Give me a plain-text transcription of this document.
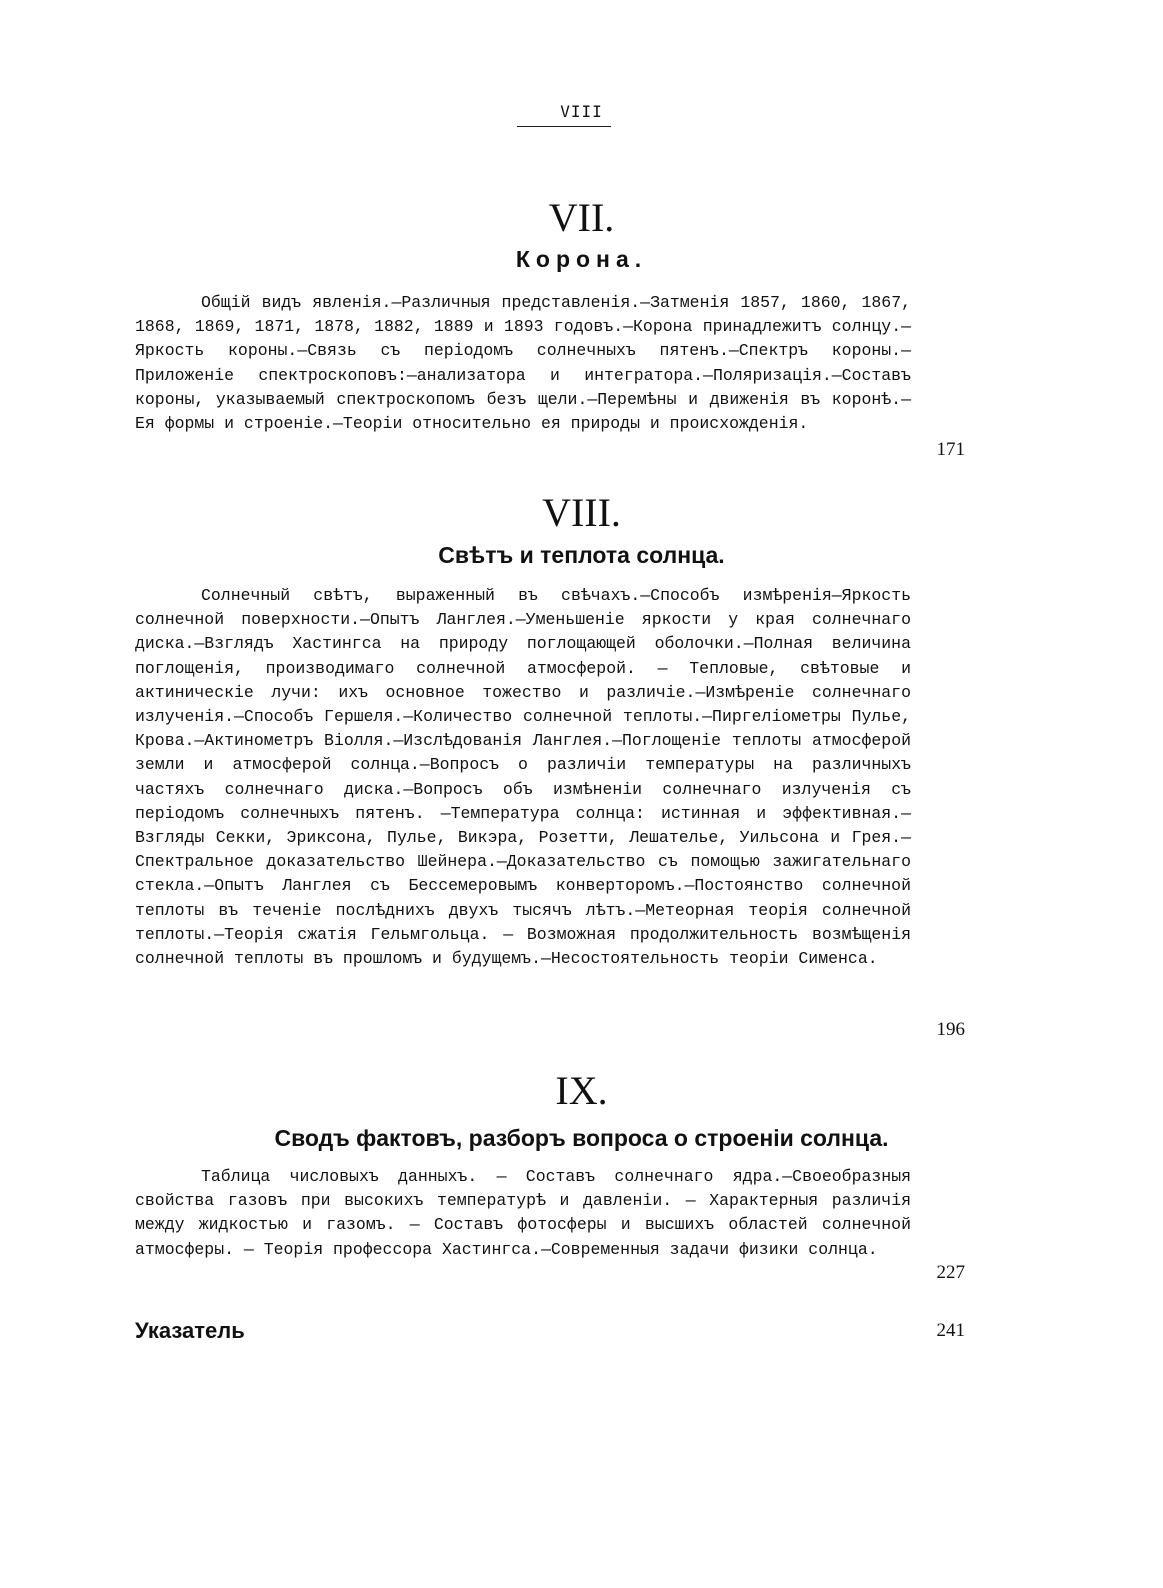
VIII
VII.
Корона.

Общій видъ явленія.—Различныя представленія.—Затменія 1857, 1860, 1867, 1868, 1869, 1871, 1878, 1882, 1889 и 1893 годовъ.—Корона принадлежитъ солнцу.—Яркость короны.—Связь съ періодомъ солнечныхъ пятенъ.—Спектръ короны.—Приложеніе спектроскоповъ:—анализатора и интегратора.—Поляризація.—Составъ короны, указываемый спектроскопомъ безъ щели.—Перемѣны и движенія въ коронѣ.—Ея формы и строеніе.—Теоріи относительно ея природы и происхожденія.

171
VIII.
Свѣтъ и теплота солнца.

Солнечный свѣтъ, выраженный въ свѣчахъ.—Способъ измѣренія—Яркость солнечной поверхности.—Опытъ Ланглея.—Уменьшеніе яркости у края солнечнаго диска.—Взглядъ Хастингса на природу поглощающей оболочки.—Полная величина поглощенія, производимаго солнечной атмосферой. — Тепловые, свѣтовые и актиническіе лучи: ихъ основное тожество и различіе.—Измѣреніе солнечнаго излученія.—Способъ Гершеля.—Количество солнечной теплоты.—Пиргеліометры Пулье, Крова.—Актинометръ Віолля.—Изслѣдованія Ланглея.—Поглощеніе теплоты атмосферой земли и атмосферой солнца.—Вопросъ о различіи температуры на различныхъ частяхъ солнечнаго диска.—Вопросъ объ измѣненіи солнечнаго излученія съ періодомъ солнечныхъ пятенъ. —Температура солнца: истинная и эффективная.—Взгляды Секки, Эриксона, Пулье, Викэра, Розетти, Лешателье, Уильсона и Грея.—Спектральное доказательство Шейнера.—Доказательство съ помощью зажигательнаго стекла.—Опытъ Ланглея съ Бессемеровымъ конверторомъ.—Постоянство солнечной теплоты въ теченіе послѣднихъ двухъ тысячъ лѣтъ.—Метеорная теорія солнечной теплоты.—Теорія сжатія Гельмгольца. — Возможная продолжительность возмѣщенія солнечной теплоты въ прошломъ и будущемъ.—Несостоятельность теоріи Сименса.

196
IX.
Сводъ фактовъ, разборъ вопроса о строеніи солнца.

Таблица числовыхъ данныхъ. — Составъ солнечнаго ядра.—Своеобразныя свойства газовъ при высокихъ температурѣ и давленіи. — Характерныя различія между жидкостью и газомъ. — Составъ фотосферы и высшихъ областей солнечной атмосферы. — Теорія профессора Хастингса.—Современныя задачи физики солнца.

227
Указатель	241
